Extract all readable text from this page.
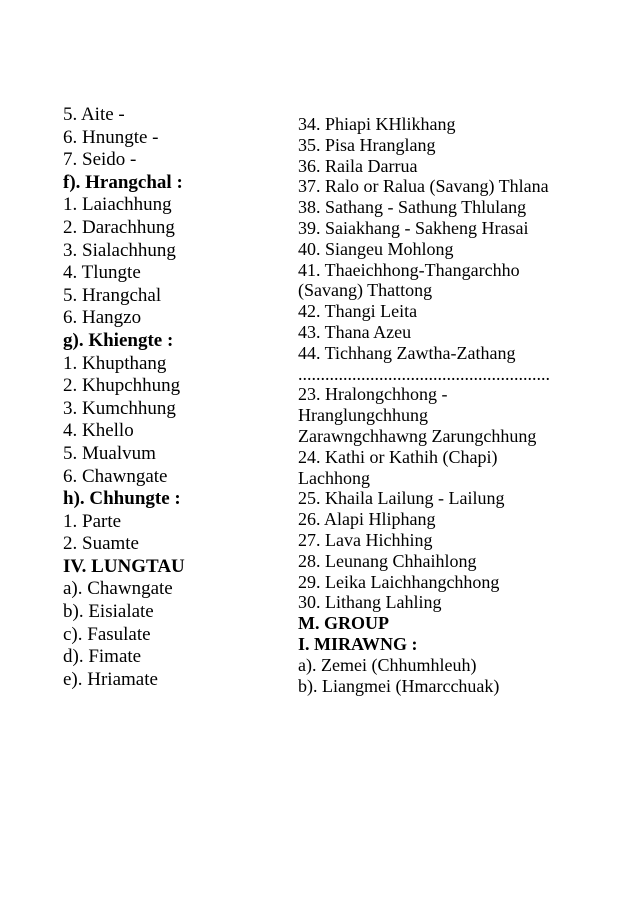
5. Aite -
6. Hnungte -
7. Seido -
f). Hrangchal :
1. Laiachhung
2. Darachhung
3. Sialachhung
4. Tlungte
5. Hrangchal
6. Hangzo
g). Khiengte :
1. Khupthang
2. Khupchhung
3. Kumchhung
4. Khello
5. Mualvum
6. Chawngate
h). Chhungte :
1. Parte
2. Suamte
IV. LUNGTAU
a). Chawngate
b). Eisialate
c). Fasulate
d). Fimate
e). Hriamate
34. Phiapi KHlikhang
35. Pisa Hranglang
36. Raila Darrua
37. Ralo or Ralua (Savang) Thlana
38. Sathang - Sathung Thlulang
39. Saiakhang - Sakheng Hrasai
40. Siangeu Mohlong
41. Thaeichhong-Thangarchho
(Savang) Thattong
42. Thangi Leita
43. Thana Azeu
44. Tichhang Zawtha-Zathang
........................................................
23. Hralongchhong -
Hranglungchhung
Zarawngchhawng Zarungchhung
24. Kathi or Kathih (Chapi)
Lachhong
25. Khaila Lailung - Lailung
26. Alapi Hliphang
27. Lava Hichhing
28. Leunang Chhaihlong
29. Leika Laichhangchhong
30. Lithang Lahling
M. GROUP
I. MIRAWNG :
a). Zemei (Chhumhleuh)
b). Liangmei (Hmarcchuak)
